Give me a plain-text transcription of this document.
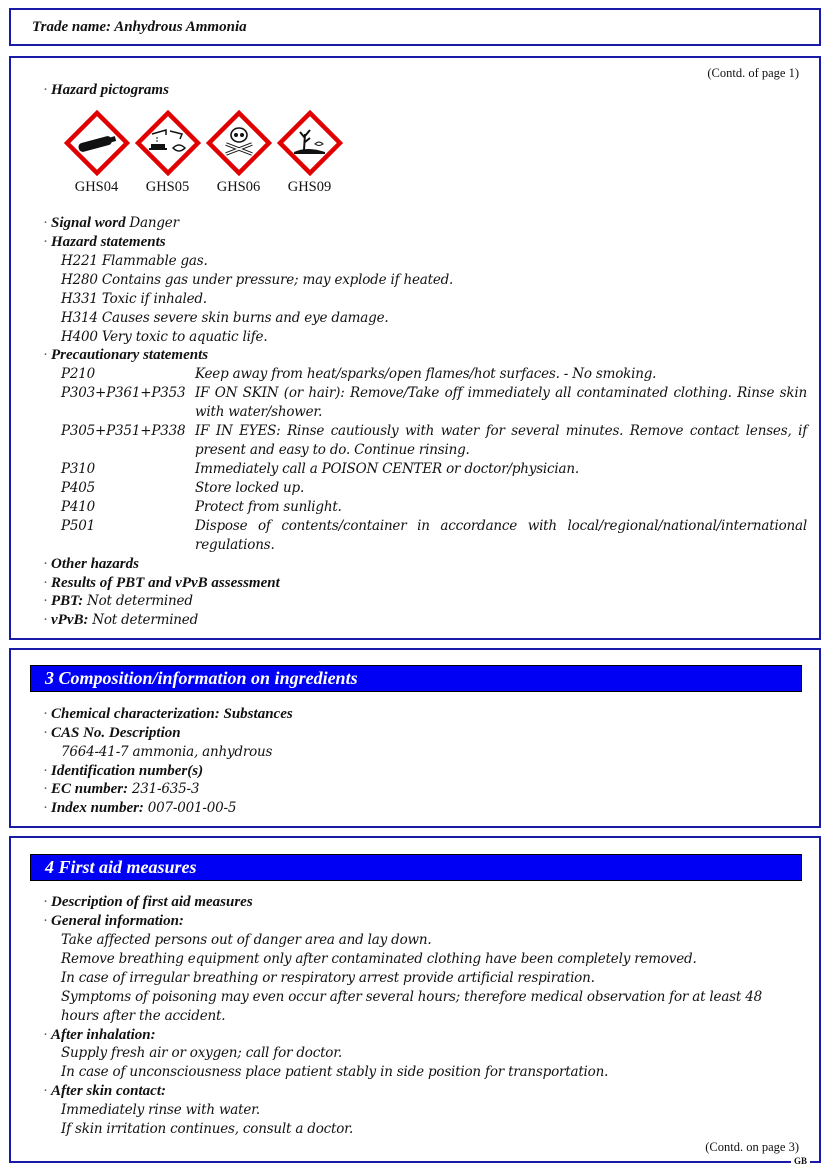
Trade name: Anhydrous Ammonia
(Contd. of page 1)
· Hazard pictograms
GHS04	GHS05	GHS06	GHS09
· Signal word Danger
· Hazard statements
H221 Flammable gas.
H280 Contains gas under pressure; may explode if heated.
H331 Toxic if inhaled.
H314 Causes severe skin burns and eye damage.
H400 Very toxic to aquatic life.
· Precautionary statements
P210	Keep away from heat/sparks/open flames/hot surfaces. - No smoking.
P303+P361+P353 IF ON SKIN (or hair): Remove/Take off immediately all contaminated clothing. Rinse skin with water/shower.
P305+P351+P338 IF IN EYES: Rinse cautiously with water for several minutes. Remove contact lenses, if present and easy to do. Continue rinsing.
P310	Immediately call a POISON CENTER or doctor/physician.
P405	Store locked up.
P410	Protect from sunlight.
P501	Dispose of contents/container in accordance with local/regional/national/international regulations.
· Other hazards
· Results of PBT and vPvB assessment
· PBT: Not determined
· vPvB: Not determined
3 Composition/information on ingredients
· Chemical characterization: Substances
· CAS No. Description
7664-41-7 ammonia, anhydrous
· Identification number(s)
· EC number: 231-635-3
· Index number: 007-001-00-5
4 First aid measures
· Description of first aid measures
· General information:
Take affected persons out of danger area and lay down.
Remove breathing equipment only after contaminated clothing have been completely removed.
In case of irregular breathing or respiratory arrest provide artificial respiration.
Symptoms of poisoning may even occur after several hours; therefore medical observation for at least 48
hours after the accident.
· After inhalation:
Supply fresh air or oxygen; call for doctor.
In case of unconsciousness place patient stably in side position for transportation.
· After skin contact:
Immediately rinse with water.
If skin irritation continues, consult a doctor.
(Contd. on page 3)
GB
